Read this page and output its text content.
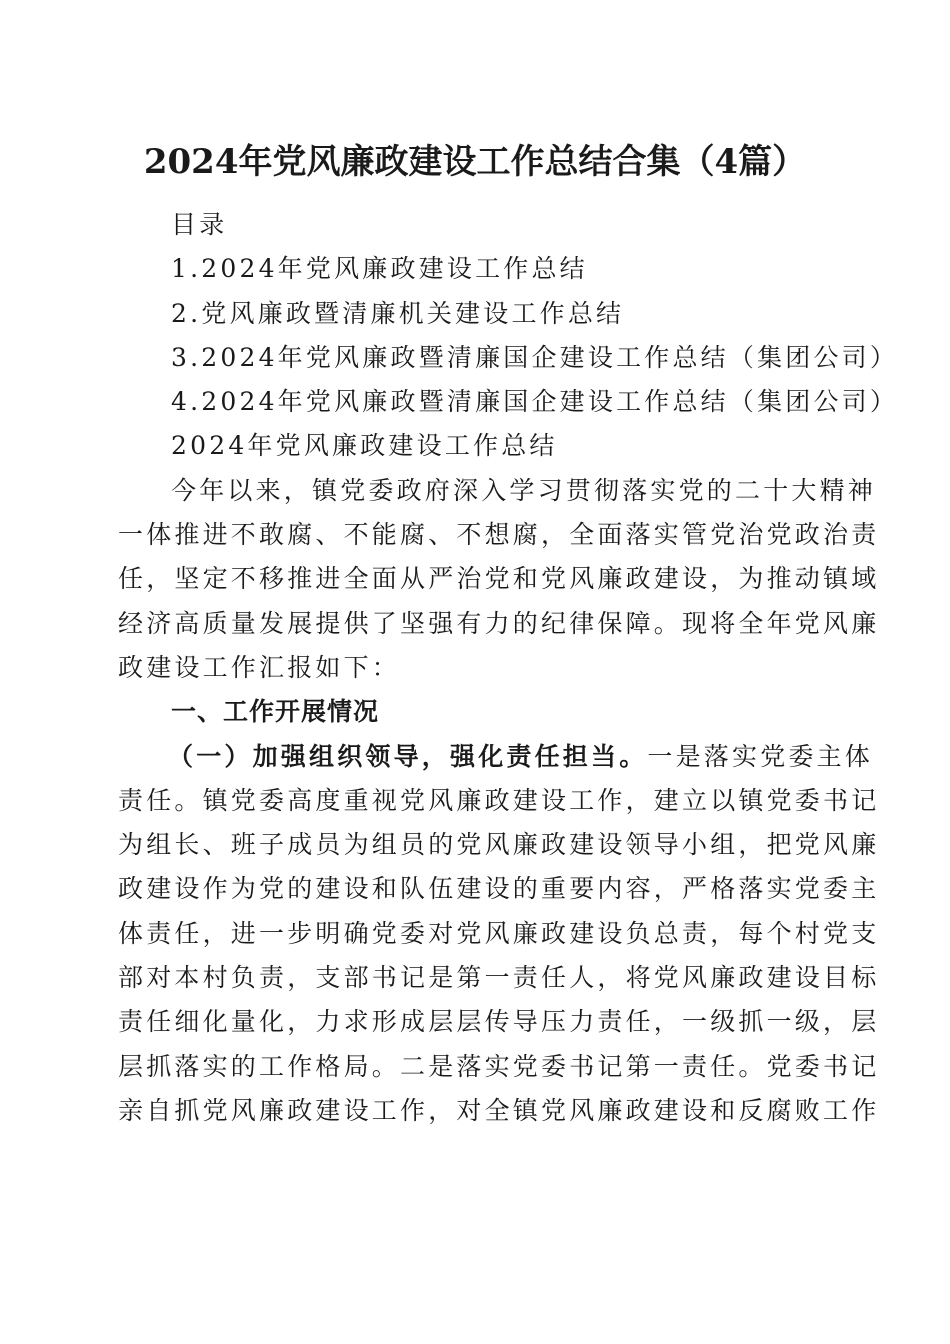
2024年党风廉政建设工作总结合集（4篇）
目录
1.2024年党风廉政建设工作总结
2.党风廉政暨清廉机关建设工作总结
3.2024年党风廉政暨清廉国企建设工作总结（集团公司）
4.2024年党风廉政暨清廉国企建设工作总结（集团公司）
2024年党风廉政建设工作总结
今年以来，镇党委政府深入学习贯彻落实党的二十大精神
一体推进不敢腐、不能腐、不想腐，全面落实管党治党政治责
任，坚定不移推进全面从严治党和党风廉政建设，为推动镇域
经济高质量发展提供了坚强有力的纪律保障。现将全年党风廉
政建设工作汇报如下：
一、工作开展情况
（一）加强组织领导，强化责任担当。一是落实党委主体
责任。镇党委高度重视党风廉政建设工作，建立以镇党委书记
为组长、班子成员为组员的党风廉政建设领导小组，把党风廉
政建设作为党的建设和队伍建设的重要内容，严格落实党委主
体责任，进一步明确党委对党风廉政建设负总责，每个村党支
部对本村负责，支部书记是第一责任人，将党风廉政建设目标
责任细化量化，力求形成层层传导压力责任，一级抓一级，层
层抓落实的工作格局。二是落实党委书记第一责任。党委书记
亲自抓党风廉政建设工作，对全镇党风廉政建设和反腐败工作
